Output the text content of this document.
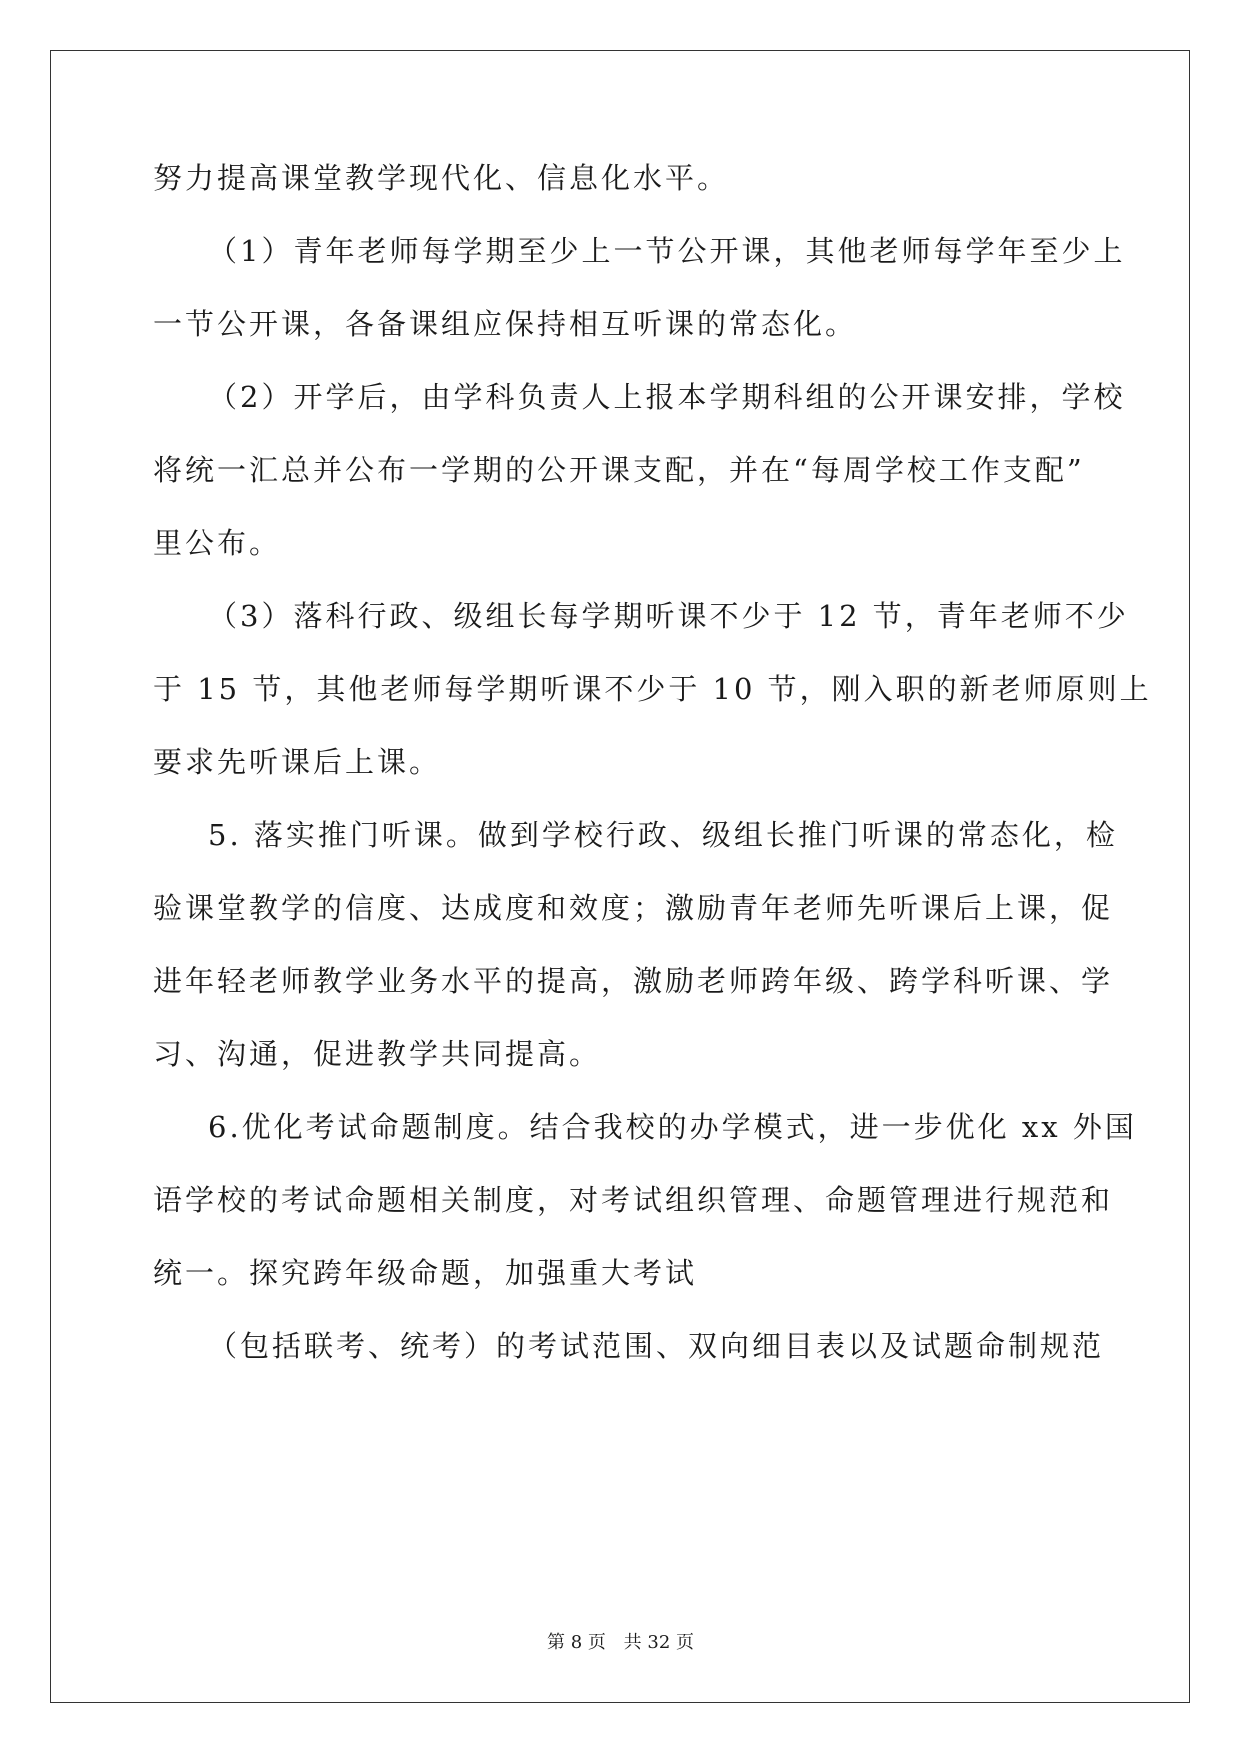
努力提高课堂教学现代化、信息化水平。
（1）青年老师每学期至少上一节公开课，其他老师每学年至少上
一节公开课，各备课组应保持相互听课的常态化。
（2）开学后，由学科负责人上报本学期科组的公开课安排，学校
将统一汇总并公布一学期的公开课支配，并在“每周学校工作支配”
里公布。
（3）落科行政、级组长每学期听课不少于 12 节，青年老师不少
于 15 节，其他老师每学期听课不少于 10 节，刚入职的新老师原则上
要求先听课后上课。
5. 落实推门听课。做到学校行政、级组长推门听课的常态化，检
验课堂教学的信度、达成度和效度；激励青年老师先听课后上课，促
进年轻老师教学业务水平的提高，激励老师跨年级、跨学科听课、学
习、沟通，促进教学共同提高。
6.优化考试命题制度。结合我校的办学模式，进一步优化 xx 外国
语学校的考试命题相关制度，对考试组织管理、命题管理进行规范和
统一。探究跨年级命题，加强重大考试
（包括联考、统考）的考试范围、双向细目表以及试题命制规范
第 8 页 共 32 页
